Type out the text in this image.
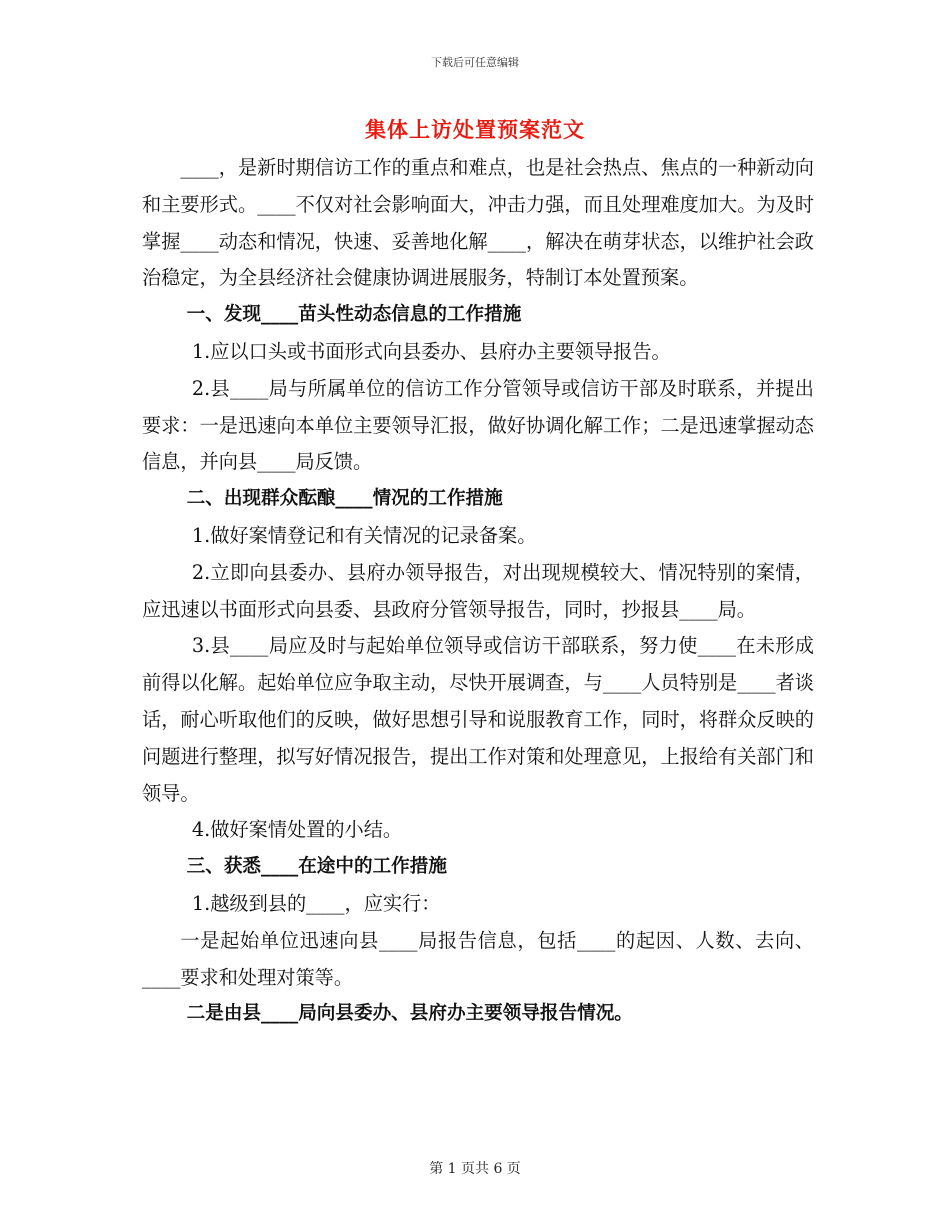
下载后可任意编辑
集体上访处置预案范文

____，是新时期信访工作的重点和难点，也是社会热点、焦点的一种新动向和主要形式。____不仅对社会影响面大，冲击力强，而且处理难度加大。为及时掌握____动态和情况，快速、妥善地化解____，解决在萌芽状态，以维护社会政治稳定，为全县经济社会健康协调进展服务，特制订本处置预案。

一、发现____苗头性动态信息的工作措施

1.应以口头或书面形式向县委办、县府办主要领导报告。

2.县____局与所属单位的信访工作分管领导或信访干部及时联系，并提出要求：一是迅速向本单位主要领导汇报，做好协调化解工作；二是迅速掌握动态信息，并向县____局反馈。

二、出现群众酝酿____情况的工作措施

1.做好案情登记和有关情况的记录备案。

2.立即向县委办、县府办领导报告，对出现规模较大、情况特别的案情，应迅速以书面形式向县委、县政府分管领导报告，同时，抄报县____局。

3.县____局应及时与起始单位领导或信访干部联系，努力使____在未形成前得以化解。起始单位应争取主动，尽快开展调查，与____人员特别是____者谈话，耐心听取他们的反映，做好思想引导和说服教育工作，同时，将群众反映的问题进行整理，拟写好情况报告，提出工作对策和处理意见，上报给有关部门和领导。

4.做好案情处置的小结。

三、获悉____在途中的工作措施

1.越级到县的____，应实行：

一是起始单位迅速向县____局报告信息，包括____的起因、人数、去向、____要求和处理对策等。

二是由县____局向县委办、县府办主要领导报告情况。

第 1 页共 6 页
